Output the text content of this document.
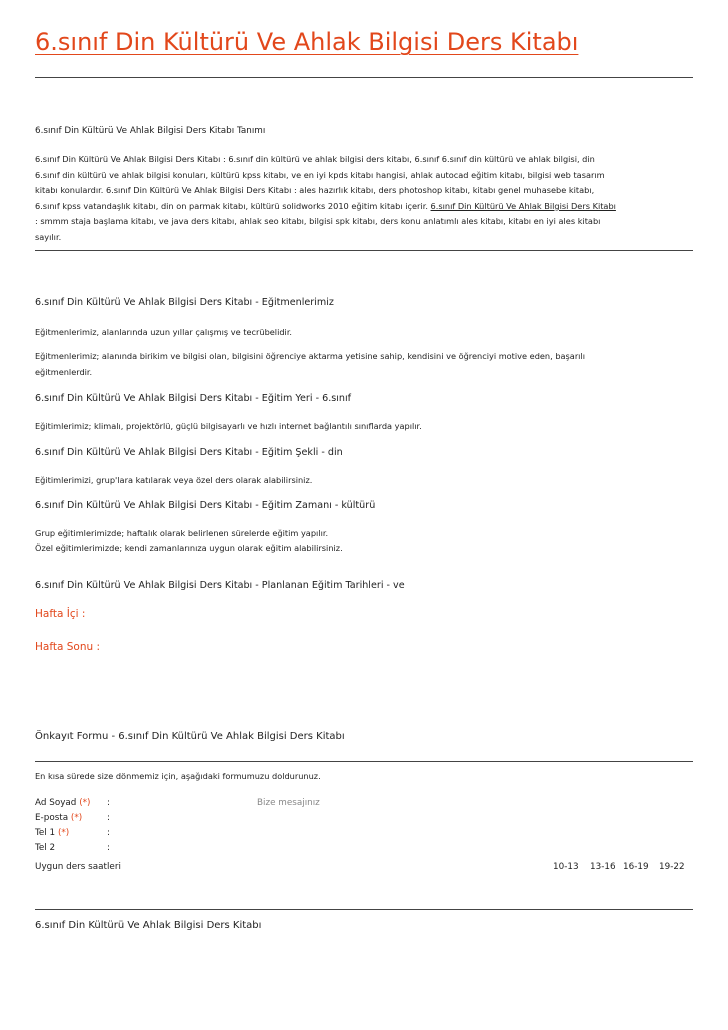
6.sınıf Din Kültürü Ve Ahlak Bilgisi Ders Kitabı
6.sınıf Din Kültürü Ve Ahlak Bilgisi Ders Kitabı Tanımı
6.sınıf Din Kültürü Ve Ahlak Bilgisi Ders Kitabı : 6.sınıf din kültürü ve ahlak bilgisi ders kitabı, 6.sınıf 6.sınıf din kültürü ve ahlak bilgisi, din
6.sınıf din kültürü ve ahlak bilgisi konuları, kültürü kpss kitabı, ve en iyi kpds kitabı hangisi, ahlak autocad eğitim kitabı, bilgisi web tasarım
kitabı konulardır. 6.sınıf Din Kültürü Ve Ahlak Bilgisi Ders Kitabı : ales hazırlık kitabı, ders photoshop kitabı, kitabı genel muhasebe kitabı,
6.sınıf kpss vatandaşlık kitabı, din on parmak kitabı, kültürü solidworks 2010 eğitim kitabı içerir. 6.sınıf Din Kültürü Ve Ahlak Bilgisi Ders Kitabı
: smmm staja başlama kitabı, ve java ders kitabı, ahlak seo kitabı, bilgisi spk kitabı, ders konu anlatımlı ales kitabı, kitabı en iyi ales kitabı
sayılır.
6.sınıf Din Kültürü Ve Ahlak Bilgisi Ders Kitabı - Eğitmenlerimiz
Eğitmenlerimiz, alanlarında uzun yıllar çalışmış ve tecrübelidir.
Eğitmenlerimiz; alanında birikim ve bilgisi olan, bilgisini öğrenciye aktarma yetisine sahip, kendisini ve öğrenciyi motive eden, başarılı
eğitmenlerdir.
6.sınıf Din Kültürü Ve Ahlak Bilgisi Ders Kitabı - Eğitim Yeri - 6.sınıf
Eğitimlerimiz; klimalı, projektörlü, güçlü bilgisayarlı ve hızlı internet bağlantılı sınıflarda yapılır.
6.sınıf Din Kültürü Ve Ahlak Bilgisi Ders Kitabı - Eğitim Şekli - din
Eğitimlerimizi, grup'lara katılarak veya özel ders olarak alabilirsiniz.
6.sınıf Din Kültürü Ve Ahlak Bilgisi Ders Kitabı - Eğitim Zamanı - kültürü
Grup eğitimlerimizde; haftalık olarak belirlenen sürelerde eğitim yapılır.
Özel eğitimlerimizde; kendi zamanlarınıza uygun olarak eğitim alabilirsiniz.
6.sınıf Din Kültürü Ve Ahlak Bilgisi Ders Kitabı - Planlanan Eğitim Tarihleri - ve
Hafta İçi :
Hafta Sonu :
Önkayıt Formu - 6.sınıf Din Kültürü Ve Ahlak Bilgisi Ders Kitabı
En kısa sürede size dönmemiz için, aşağıdaki formumuzu doldurunuz.
Ad Soyad (*) :
E-posta (*)	:
Tel 1 (*)	:
Tel 2	:
Bize mesajınız
Uygun ders saatleri	10-13 13-16 16-19 19-22
6.sınıf Din Kültürü Ve Ahlak Bilgisi Ders Kitabı
